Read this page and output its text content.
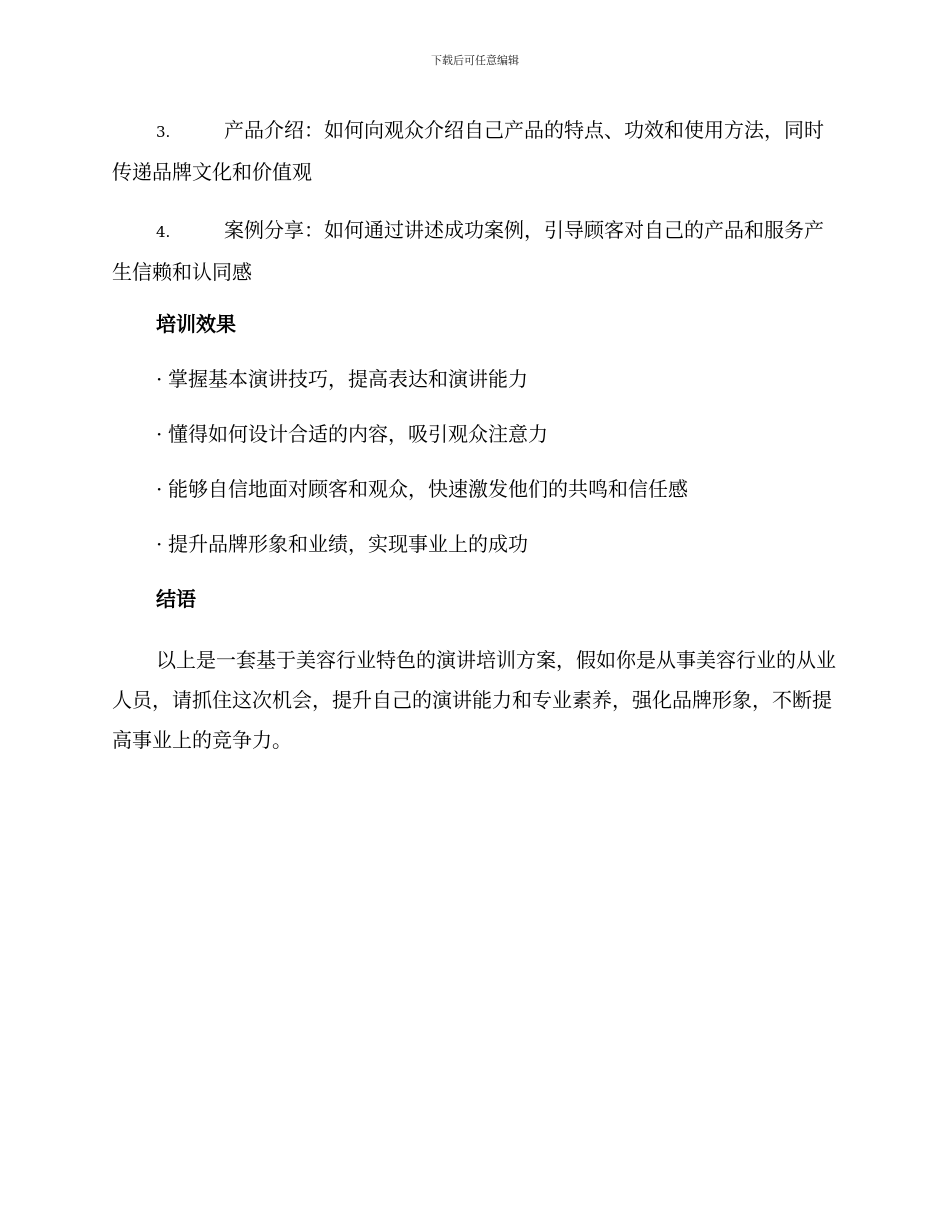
下载后可任意编辑

3.	产品介绍：如何向观众介绍自己产品的特点、功效和使用方法，同时传递品牌文化和价值观

4.	案例分享：如何通过讲述成功案例，引导顾客对自己的产品和服务产生信赖和认同感

培训效果
· 掌握基本演讲技巧，提高表达和演讲能力
· 懂得如何设计合适的内容，吸引观众注意力
· 能够自信地面对顾客和观众，快速激发他们的共鸣和信任感
· 提升品牌形象和业绩，实现事业上的成功
结语

以上是一套基于美容行业特色的演讲培训方案，假如你是从事美容行业的从业人员，请抓住这次机会，提升自己的演讲能力和专业素养，强化品牌形象，不断提高事业上的竞争力。
